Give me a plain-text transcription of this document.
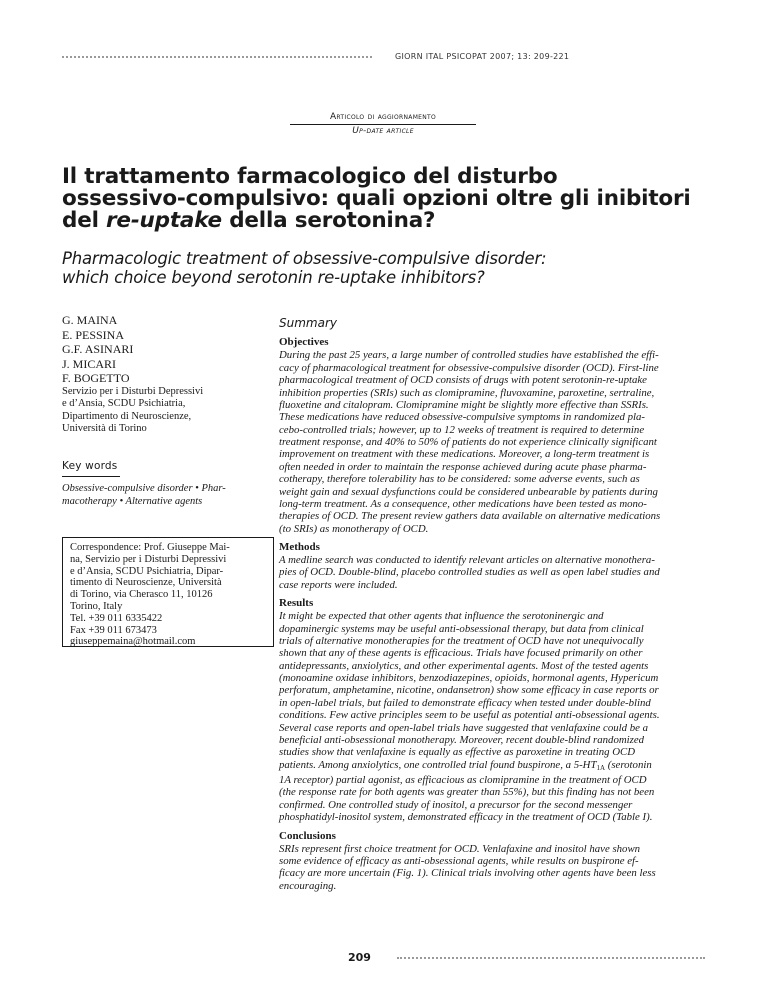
GIORN ITAL PSICOPAT 2007; 13: 209-221
Articolo di aggiornamento
Up-date article
Il trattamento farmacologico del disturbo
ossessivo-compulsivo: quali opzioni oltre gli inibitori
del re-uptake della serotonina?
Pharmacologic treatment of obsessive-compulsive disorder:
which choice beyond serotonin re-uptake inhibitors?
G. MAINA
E. PESSINA
G.F. ASINARI
J. MICARI
F. BOGETTO
Servizio per i Disturbi Depressivi
e d’Ansia, SCDU Psichiatria,
Dipartimento di Neuroscienze,
Università di Torino
Key words
Obsessive-compulsive disorder • Phar-
macotherapy • Alternative agents
Correspondence: Prof. Giuseppe Mai-
na, Servizio per i Disturbi Depressivi
e d’Ansia, SCDU Psichiatria, Dipar-
timento di Neuroscienze, Università
di Torino, via Cherasco 11, 10126
Torino, Italy
Tel. +39 011 6335422
Fax +39 011 673473
giuseppemaina@hotmail.com
Summary
Objectives
During the past 25 years, a large number of controlled studies have established the effi-
cacy of pharmacological treatment for obsessive-compulsive disorder (OCD). First-line
pharmacological treatment of OCD consists of drugs with potent serotonin-re-uptake
inhibition properties (SRIs) such as clomipramine, fluvoxamine, paroxetine, sertraline,
fluoxetine and citalopram. Clomipramine might be slightly more effective than SSRIs.
These medications have reduced obsessive-compulsive symptoms in randomized pla-
cebo-controlled trials; however, up to 12 weeks of treatment is required to determine
treatment response, and 40% to 50% of patients do not experience clinically significant
improvement on treatment with these medications. Moreover, a long-term treatment is
often needed in order to maintain the response achieved during acute phase pharma-
cotherapy, therefore tolerability has to be considered: some adverse events, such as
weight gain and sexual dysfunctions could be considered unbearable by patients during
long-term treatment. As a consequence, other medications have been tested as mono-
therapies of OCD. The present review gathers data available on alternative medications
(to SRIs) as monotherapy of OCD.
Methods
A medline search was conducted to identify relevant articles on alternative monothera-
pies of OCD. Double-blind, placebo controlled studies as well as open label studies and
case reports were included.
Results
It might be expected that other agents that influence the serotoninergic and
dopaminergic systems may be useful anti-obsessional therapy, but data from clinical
trials of alternative monotherapies for the treatment of OCD have not unequivocally
shown that any of these agents is efficacious. Trials have focused primarily on other
antidepressants, anxiolytics, and other experimental agents. Most of the tested agents
(monoamine oxidase inhibitors, benzodiazepines, opioids, hormonal agents, Hypericum
perforatum, amphetamine, nicotine, ondansetron) show some efficacy in case reports or
in open-label trials, but failed to demonstrate efficacy when tested under double-blind
conditions. Few active principles seem to be useful as potential anti-obsessional agents.
Several case reports and open-label trials have suggested that venlafaxine could be a
beneficial anti-obsessional monotherapy. Moreover, recent double-blind randomized
studies show that venlafaxine is equally as effective as paroxetine in treating OCD
patients. Among anxiolytics, one controlled trial found buspirone, a $5-HT_{1A}$ (serotonin
1A receptor) partial agonist, as efficacious as clomipramine in the treatment of OCD
(the response rate for both agents was greater than 55%), but this finding has not been
confirmed. One controlled study of inositol, a precursor for the second messenger
phosphatidyl-inositol system, demonstrated efficacy in the treatment of OCD (Table I).
Conclusions
SRIs represent first choice treatment for OCD. Venlafaxine and inositol have shown
some evidence of efficacy as anti-obsessional agents, while results on buspirone ef-
ficacy are more uncertain (Fig. 1). Clinical trials involving other agents have been less
encouraging.
209
